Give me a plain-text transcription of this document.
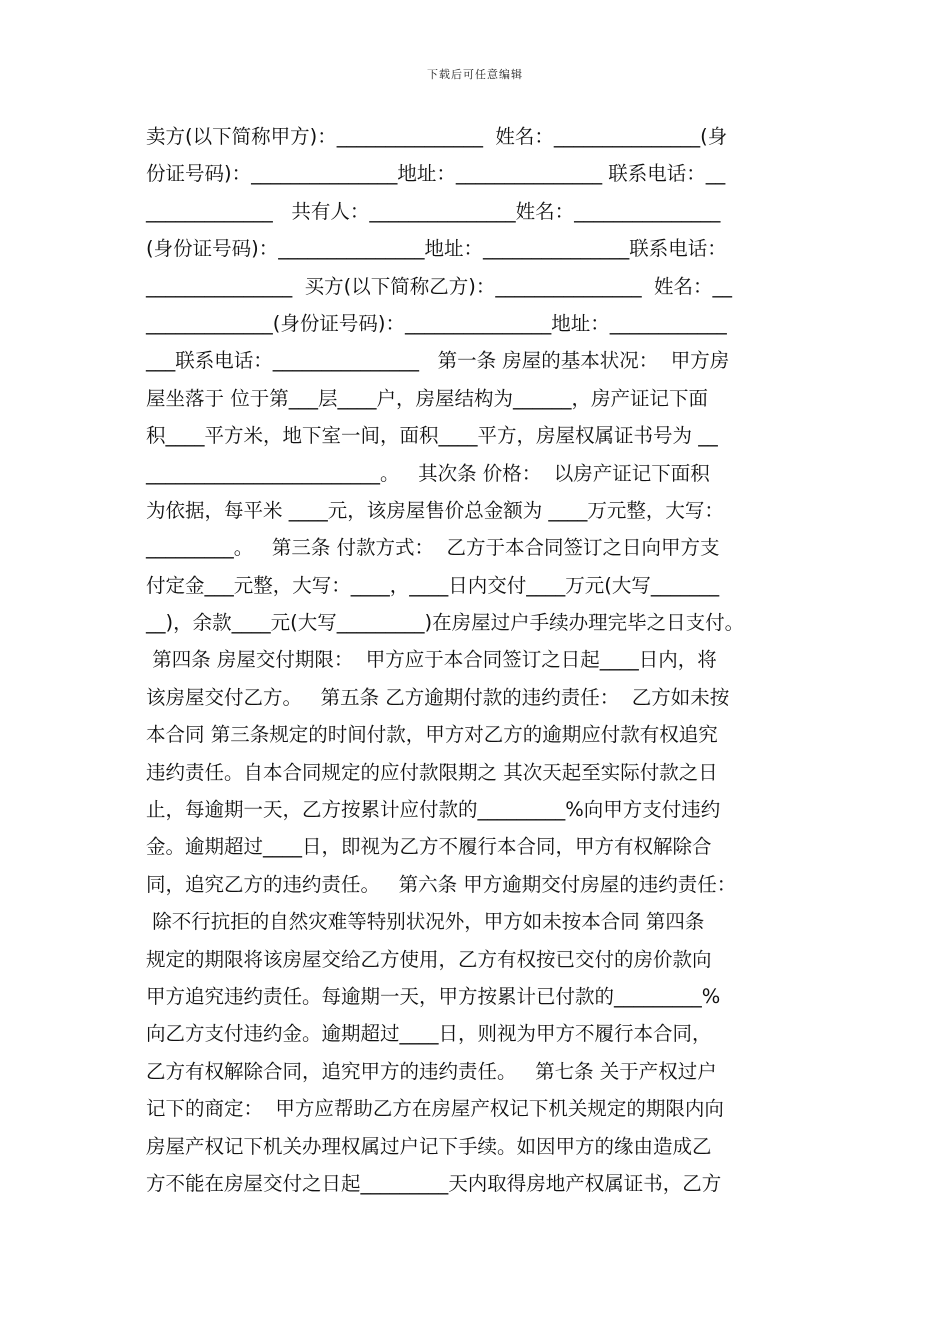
下载后可任意编辑
卖方(以下简称甲方)：_______________  姓名：_______________(身
份证号码)：_______________地址：_______________ 联系电话：__
_____________   共有人：_______________姓名：_______________
(身份证号码)：_______________地址：_______________联系电话：
_______________  买方(以下简称乙方)：_______________  姓名：__
_____________(身份证号码)：_______________地址：____________
___联系电话：_______________   第一条 房屋的基本状况：  甲方房
屋坐落于 位于第___层____户，房屋结构为______，房产证记下面
积____平方米，地下室一间，面积____平方，房屋权属证书号为 __
________________________。   其次条 价格：  以房产证记下面积
为依据，每平米 ____元，该房屋售价总金额为 ____万元整，大写：
_________。   第三条 付款方式：  乙方于本合同签订之日向甲方支
付定金___元整，大写：____，____日内交付____万元(大写_______
__)，余款____元(大写_________)在房屋过户手续办理完毕之日支付。
第四条 房屋交付期限：  甲方应于本合同签订之日起____日内，将
该房屋交付乙方。   第五条 乙方逾期付款的违约责任：  乙方如未按
本合同 第三条规定的时间付款，甲方对乙方的逾期应付款有权追究
违约责任。自本合同规定的应付款限期之 其次天起至实际付款之日
止，每逾期一天，乙方按累计应付款的_________%向甲方支付违约
金。逾期超过____日，即视为乙方不履行本合同，甲方有权解除合
同，追究乙方的违约责任。   第六条 甲方逾期交付房屋的违约责任：
除不行抗拒的自然灾难等特别状况外，甲方如未按本合同 第四条
规定的期限将该房屋交给乙方使用，乙方有权按已交付的房价款向
甲方追究违约责任。每逾期一天，甲方按累计已付款的_________%
向乙方支付违约金。逾期超过____日，则视为甲方不履行本合同，
乙方有权解除合同，追究甲方的违约责任。   第七条 关于产权过户
记下的商定：  甲方应帮助乙方在房屋产权记下机关规定的期限内向
房屋产权记下机关办理权属过户记下手续。如因甲方的缘由造成乙
方不能在房屋交付之日起_________天内取得房地产权属证书，乙方
